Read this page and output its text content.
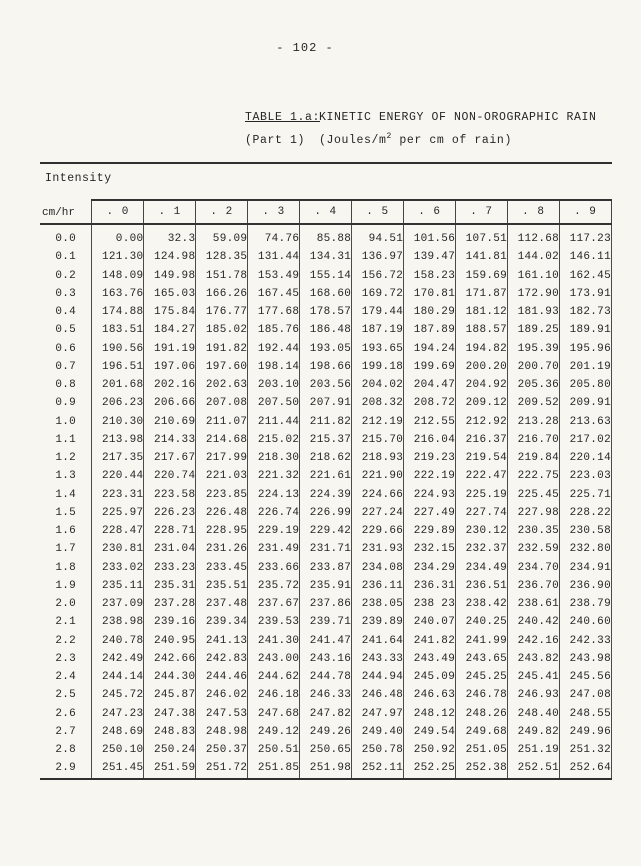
- 102 -
TABLE 1.a:
KINETIC ENERGY OF NON-OROGRAPHIC RAIN
(Part 1)	($Joules/m^2$ per cm of rain)
Intensity
cm/hr	. 0	. 1	. 2	. 3	. 4	. 5	. 6	. 7	. 8	. 9
0.0	0.00	32.3	59.09	74.76	85.88	94.51	101.56	107.51	112.68	117.23
0.1	121.30	124.98	128.35	131.44	134.31	136.97	139.47	141.81	144.02	146.11
0.2	148.09	149.98	151.78	153.49	155.14	156.72	158.23	159.69	161.10	162.45
0.3	163.76	165.03	166.26	167.45	168.60	169.72	170.81	171.87	172.90	173.91
0.4	174.88	175.84	176.77	177.68	178.57	179.44	180.29	181.12	181.93	182.73
0.5	183.51	184.27	185.02	185.76	186.48	187.19	187.89	188.57	189.25	189.91
0.6	190.56	191.19	191.82	192.44	193.05	193.65	194.24	194.82	195.39	195.96
0.7	196.51	197.06	197.60	198.14	198.66	199.18	199.69	200.20	200.70	201.19
0.8	201.68	202.16	202.63	203.10	203.56	204.02	204.47	204.92	205.36	205.80
0.9	206.23	206.66	207.08	207.50	207.91	208.32	208.72	209.12	209.52	209.91
1.0	210.30	210.69	211.07	211.44	211.82	212.19	212.55	212.92	213.28	213.63
1.1	213.98	214.33	214.68	215.02	215.37	215.70	216.04	216.37	216.70	217.02
1.2	217.35	217.67	217.99	218.30	218.62	218.93	219.23	219.54	219.84	220.14
1.3	220.44	220.74	221.03	221.32	221.61	221.90	222.19	222.47	222.75	223.03
1.4	223.31	223.58	223.85	224.13	224.39	224.66	224.93	225.19	225.45	225.71
1.5	225.97	226.23	226.48	226.74	226.99	227.24	227.49	227.74	227.98	228.22
1.6	228.47	228.71	228.95	229.19	229.42	229.66	229.89	230.12	230.35	230.58
1.7	230.81	231.04	231.26	231.49	231.71	231.93	232.15	232.37	232.59	232.80
1.8	233.02	233.23	233.45	233.66	233.87	234.08	234.29	234.49	234.70	234.91
1.9	235.11	235.31	235.51	235.72	235.91	236.11	236.31	236.51	236.70	236.90
2.0	237.09	237.28	237.48	237.67	237.86	238.05	238 23	238.42	238.61	238.79
2.1	238.98	239.16	239.34	239.53	239.71	239.89	240.07	240.25	240.42	240.60
2.2	240.78	240.95	241.13	241.30	241.47	241.64	241.82	241.99	242.16	242.33
2.3	242.49	242.66	242.83	243.00	243.16	243.33	243.49	243.65	243.82	243.98
2.4	244.14	244.30	244.46	244.62	244.78	244.94	245.09	245.25	245.41	245.56
2.5	245.72	245.87	246.02	246.18	246.33	246.48	246.63	246.78	246.93	247.08
2.6	247.23	247.38	247.53	247.68	247.82	247.97	248.12	248.26	248.40	248.55
2.7	248.69	248.83	248.98	249.12	249.26	249.40	249.54	249.68	249.82	249.96
2.8	250.10	250.24	250.37	250.51	250.65	250.78	250.92	251.05	251.19	251.32
2.9	251.45	251.59	251.72	251.85	251.98	252.11	252.25	252.38	252.51	252.64
